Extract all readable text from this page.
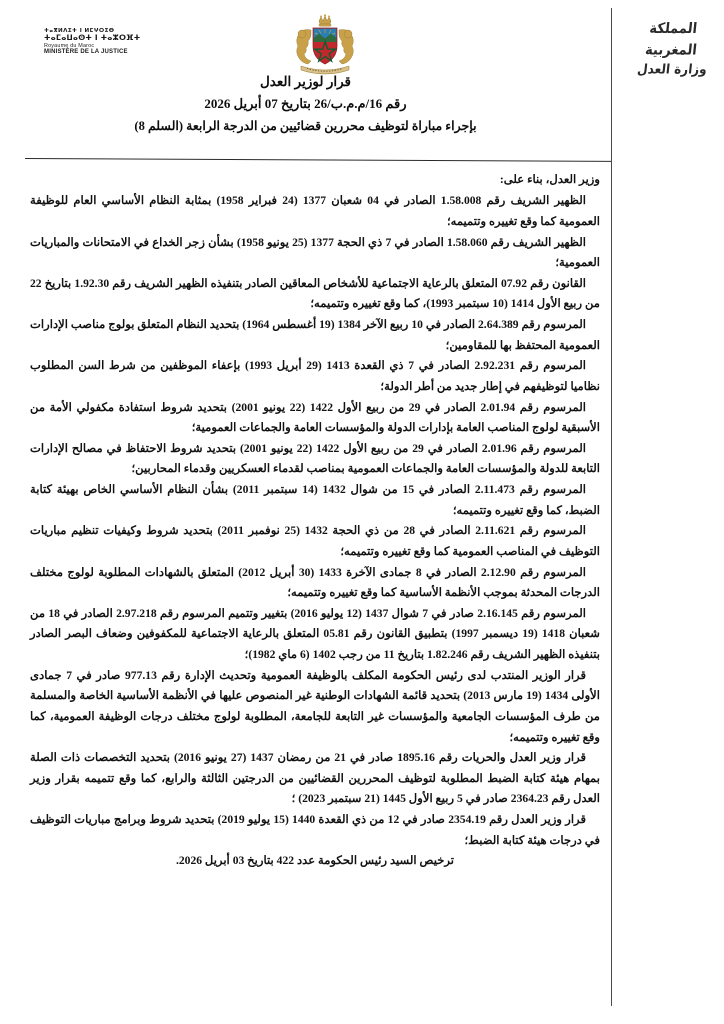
ⵜⴰⴳⵍⴷⵉⵜ ⵏ ⵍⵎⵖⵔⵉⴱ
ⵜⴰⵎⴰⵡⴰⵙⵜ ⵏ ⵜⴰⵣⵔⴼⵜ
Royaume du Maroc
MINISTÈRE DE LA JUSTICE
المملكة المغربية
وزارة العدل
قرار لوزير العدل
رقم 16/م.م.ب/26 بتاريخ 07 أبريل 2026
بإجراء مباراة لتوظيف محررين قضائيين من الدرجة الرابعة (السلم 8)

وزير العدل، بناء على:

الظهير الشريف رقم 1.58.008 الصادر في 04 شعبان 1377 (24 فبراير 1958) بمثابة النظام الأساسي العام للوظيفة العمومية كما وقع تغييره وتتميمه؛

الظهير الشريف رقم 1.58.060 الصادر في 7 ذي الحجة 1377 (25 يونيو 1958) بشأن زجر الخداع في الامتحانات والمباريات العمومية؛

القانون رقم 07.92 المتعلق بالرعاية الاجتماعية للأشخاص المعاقين الصادر بتنفيذه الظهير الشريف رقم 1.92.30 بتاريخ 22 من ربيع الأول 1414 (10 سبتمبر 1993)، كما وقع تغييره وتتميمه؛

المرسوم رقم 2.64.389 الصادر في 10 ربيع الآخر 1384 (19 أغسطس 1964) بتحديد النظام المتعلق بولوج مناصب الإدارات العمومية المحتفظ بها للمقاومين؛

المرسوم رقم 2.92.231 الصادر في 7 ذي القعدة 1413 (29 أبريل 1993) بإعفاء الموظفين من شرط السن المطلوب نظاميا لتوظيفهم في إطار جديد من أطر الدولة؛

المرسوم رقم 2.01.94 الصادر في 29 من ربيع الأول 1422 (22 يونيو 2001) بتحديد شروط استفادة مكفولي الأمة من الأسبقية لولوج المناصب العامة بإدارات الدولة والمؤسسات العامة والجماعات العمومية؛

المرسوم رقم 2.01.96 الصادر في 29 من ربيع الأول 1422 (22 يونيو 2001) بتحديد شروط الاحتفاظ في مصالح الإدارات التابعة للدولة والمؤسسات العامة والجماعات العمومية بمناصب لقدماء العسكريين وقدماء المحاربين؛

المرسوم رقم 2.11.473 الصادر في 15 من شوال 1432 (14 سبتمبر 2011) بشأن النظام الأساسي الخاص بهيئة كتابة الضبط، كما وقع تغييره وتتميمه؛

المرسوم رقم 2.11.621 الصادر في 28 من ذي الحجة 1432 (25 نوفمبر 2011) بتحديد شروط وكيفيات تنظيم مباريات التوظيف في المناصب العمومية كما وقع تغييره وتتميمه؛

المرسوم رقم 2.12.90 الصادر في 8 جمادى الآخرة 1433 (30 أبريل 2012) المتعلق بالشهادات المطلوبة لولوج مختلف الدرجات المحدثة بموجب الأنظمة الأساسية كما وقع تغييره وتتميمه؛

المرسوم رقم 2.16.145 صادر في 7 شوال 1437 (12 يوليو 2016) بتغيير وتتميم المرسوم رقم 2.97.218 الصادر في 18 من شعبان 1418 (19 ديسمبر 1997) بتطبيق القانون رقم 05.81 المتعلق بالرعاية الاجتماعية للمكفوفين وضعاف البصر الصادر بتنفيذه الظهير الشريف رقم 1.82.246 بتاريخ 11 من رجب 1402 (6 ماي 1982)؛

قرار الوزير المنتدب لدى رئيس الحكومة المكلف بالوظيفة العمومية وتحديث الإدارة رقم 977.13 صادر في 7 جمادى الأولى 1434 (19 مارس 2013) بتحديد قائمة الشهادات الوطنية غير المنصوص عليها في الأنظمة الأساسية الخاصة والمسلمة من طرف المؤسسات الجامعية والمؤسسات غير التابعة للجامعة، المطلوبة لولوج مختلف درجات الوظيفة العمومية، كما وقع تغييره وتتميمه؛

قرار وزير العدل والحريات رقم 1895.16 صادر في 21 من رمضان 1437 (27 يونيو 2016) بتحديد التخصصات ذات الصلة بمهام هيئة كتابة الضبط المطلوبة لتوظيف المحررين القضائيين من الدرجتين الثالثة والرابع، كما وقع تتميمه بقرار وزير العدل رقم 2364.23 صادر في 5 ربيع الأول 1445 (21 سبتمبر 2023) ؛

قرار وزير العدل رقم 2354.19 صادر في 12 من ذي القعدة 1440 (15 يوليو 2019) بتحديد شروط وبرامج مباريات التوظيف في درجات هيئة كتابة الضبط؛

ترخيص السيد رئيس الحكومة عدد 422 بتاريخ 03 أبريل 2026.
